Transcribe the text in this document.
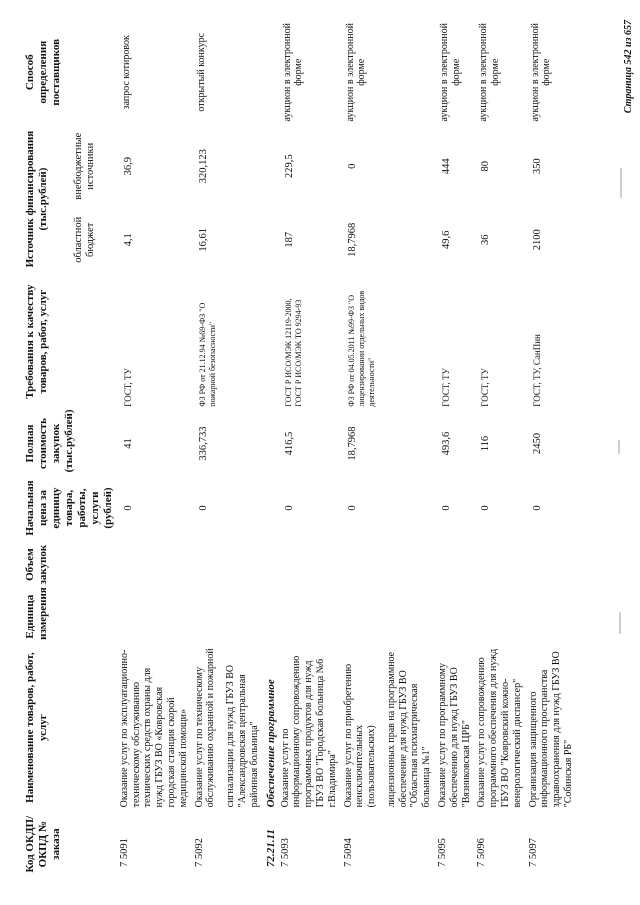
Код ОКДП/ ОКПД № заказа	Наименование товаров, работ, услуг	Единица измерения	Объем закупок	Начальная цена за единицу товара, работы, услуги (рублей)	Полная стоимость закупок (тыс.рублей)	Требования к качеству товаров, работ, услуг	Источник финансирования (тыс.рублей)		Способ определения поставщиков
							областной бюджет	внебюджетные источники	
7 5091	Оказание услуг по эксплуатационно-техническому обслуживанию технических средств охраны для нужд ГБУЗ ВО «Ковровская городская станция скорой медицинской помощи»			0	41	ГОСТ, ТУ	4,1	36,9	запрос котировок
7 5092	Оказание услуг по техническому обслуживанию охранной и пожарной сигнализации для нужд ГБУЗ ВО "Александровская центральная районная больница"			0	336,733	ФЗ РФ от 21.12.94 №69-ФЗ "О пожарной безопасности"	16,61	320,123	открытый конкурс
72.21.11	Обеспечение программное								
7 5093	Оказание услуг по информационному сопровождению программных продуктов для нужд ГБУЗ ВО "Городская больница №6 г.Владимира"			0	416,5	ГОСТ Р ИСО/МЭК 12119-2000, ГОСТ Р ИСО/МЭК ТО 9294-93	187	229,5	аукцион в электронной форме
7 5094	Оказание услуг по приобретению неисключительных (пользовательских) лицензионных прав на программное обеспечение для нужд ГБУЗ ВО "Областная психиатрическая больница №1"			0	18,7968	ФЗ РФ от 04.05.2011 №99-ФЗ "О лицензировании отдельных видов деятельности"	18,7968	0	аукцион в электронной форме
7 5095	Оказание услуг по программному обеспечению для нужд ГБУЗ ВО "Вязниковская ЦРБ"			0	493,6	ГОСТ, ТУ	49,6	444	аукцион в электронной форме
7 5096	Оказание услуг по сопровождению программного обеспечения для нужд ГБУЗ ВО "Ковровский кожно-венерологический диспансер"			0	116	ГОСТ, ТУ	36	80	аукцион в электронной форме
7 5097	Организация защищенного информационного пространства здравоохранения для нужд ГБУЗ ВО "Собинская РБ"			0	2450	ГОСТ, ТУ, СанПин	2100	350	аукцион в электронной форме	Страница 542 из 657
